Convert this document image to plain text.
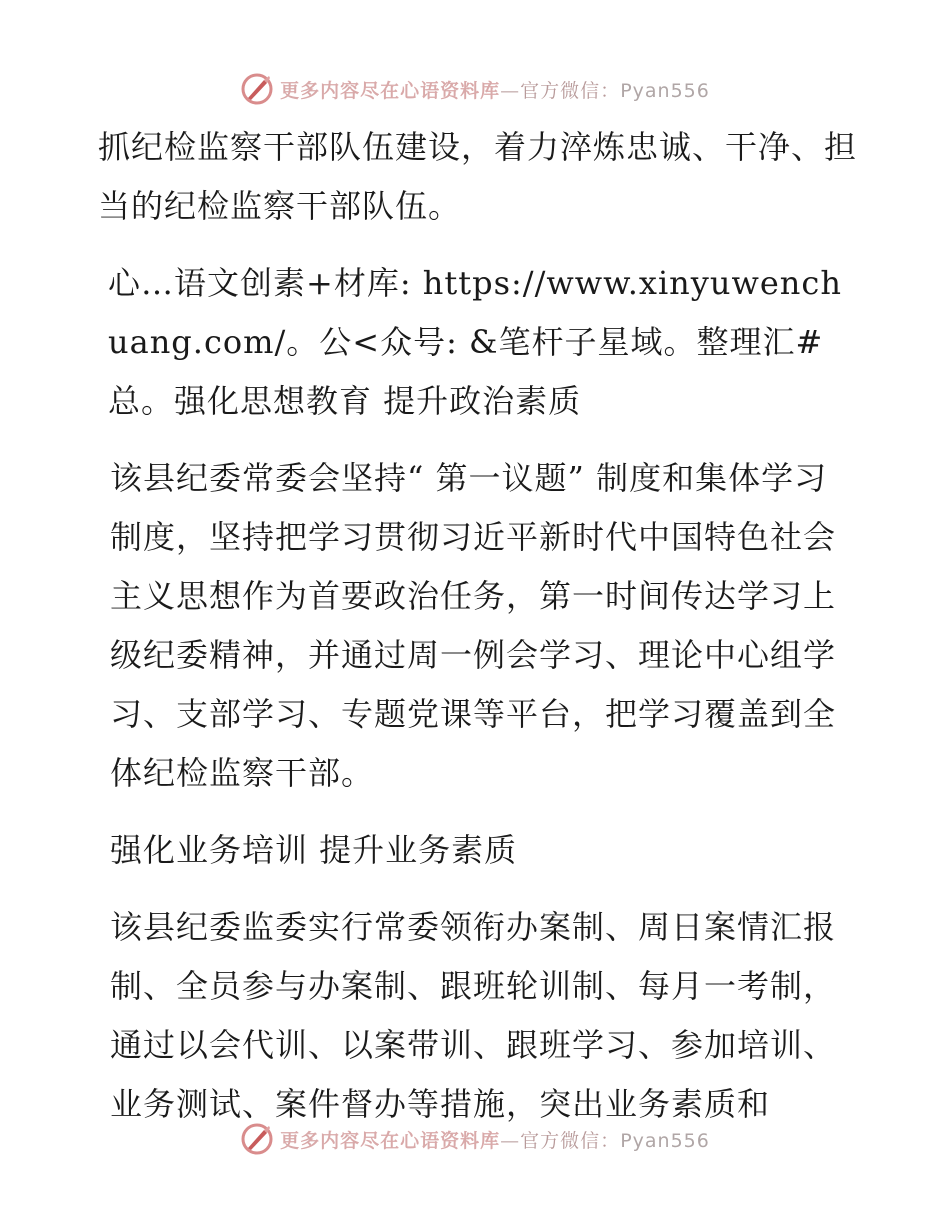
更多内容尽在心语资料库—官方微信：Pyan556

抓纪检监察干部队伍建设，着力淬炼忠诚、干净、担当的纪检监察干部队伍。

心…语文创素+材库: https://www.xinyuwenchuang.com/。公<众号: &笔杆子星域。整理汇#总。强化思想教育 提升政治素质

该县纪委常委会坚持“ 第一议题” 制度和集体学习制度，坚持把学习贯彻习近平新时代中国特色社会主义思想作为首要政治任务，第一时间传达学习上级纪委精神，并通过周一例会学习、理论中心组学习、支部学习、专题党课等平台，把学习覆盖到全体纪检监察干部。

强化业务培训 提升业务素质

该县纪委监委实行常委领衔办案制、周日案情汇报制、全员参与办案制、跟班轮训制、每月一考制，通过以会代训、以案带训、跟班学习、参加培训、业务测试、案件督办等措施，突出业务素质和

更多内容尽在心语资料库—官方微信：Pyan556
